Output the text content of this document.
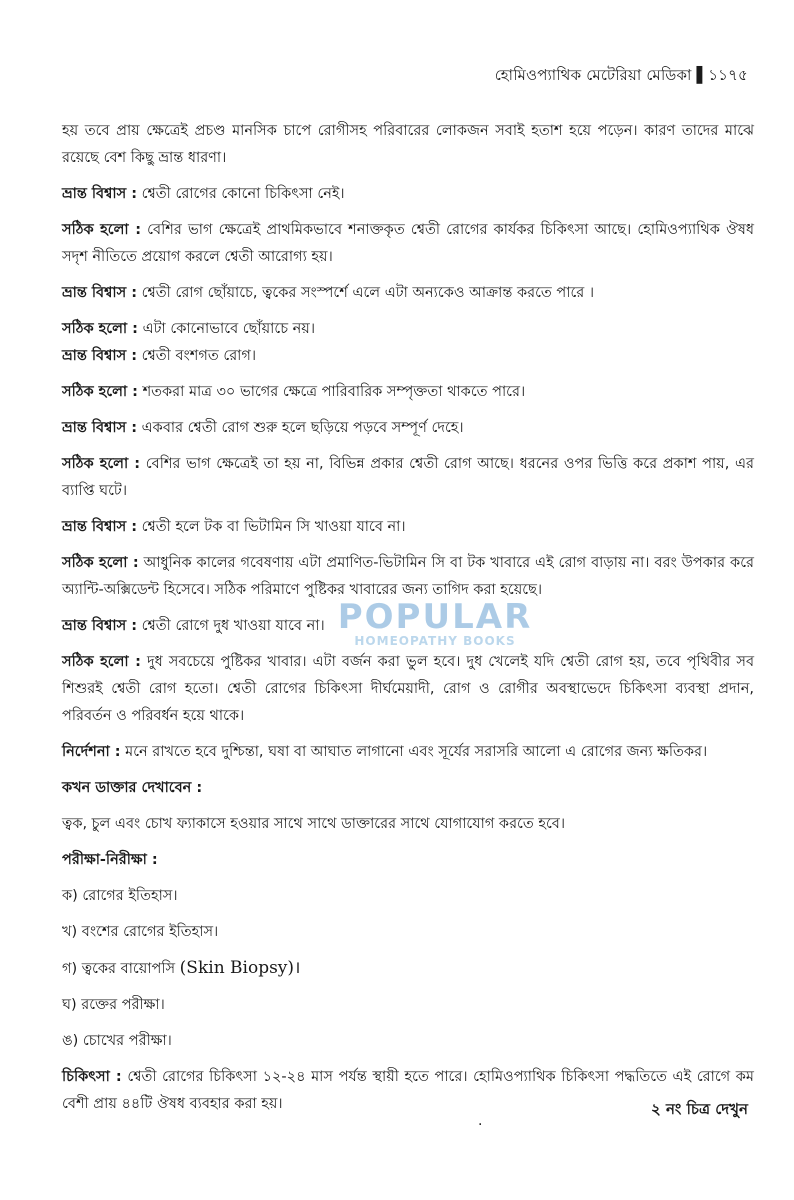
হোমিওপ্যাথিক মেটেরিয়া মেডিকা ▌১১৭৫

হয় তবে প্রায় ক্ষেত্রেই প্রচণ্ড মানসিক চাপে রোগীসহ পরিবারের লোকজন সবাই হতাশ হয়ে পড়েন। কারণ তাদের মাঝে রয়েছে বেশ কিছু ভ্রান্ত ধারণা।

ভ্রান্ত বিশ্বাস : শ্বেতী রোগের কোনো চিকিৎসা নেই।

সঠিক হলো : বেশির ভাগ ক্ষেত্রেই প্রাথমিকভাবে শনাক্তকৃত শ্বেতী রোগের কার্যকর চিকিৎসা আছে। হোমিওপ্যাথিক ঔষধ সদৃশ নীতিতে প্রয়োগ করলে শ্বেতী আরোগ্য হয়।

ভ্রান্ত বিশ্বাস : শ্বেতী রোগ ছোঁয়াচে, ত্বকের সংস্পর্শে এলে এটা অন্যকেও আক্রান্ত করতে পারে ।

সঠিক হলো : এটা কোনোভাবে ছোঁয়াচে নয়।

ভ্রান্ত বিশ্বাস : শ্বেতী বংশগত রোগ।

সঠিক হলো : শতকরা মাত্র ৩০ ভাগের ক্ষেত্রে পারিবারিক সম্পৃক্ততা থাকতে পারে।

ভ্রান্ত বিশ্বাস : একবার শ্বেতী রোগ শুরু হলে ছড়িয়ে পড়বে সম্পূর্ণ দেহে।

সঠিক হলো : বেশির ভাগ ক্ষেত্রেই তা হয় না, বিভিন্ন প্রকার শ্বেতী রোগ আছে। ধরনের ওপর ভিত্তি করে প্রকাশ পায়, এর ব্যাপ্তি ঘটে।

ভ্রান্ত বিশ্বাস : শ্বেতী হলে টক বা ভিটামিন সি খাওয়া যাবে না।

সঠিক হলো : আধুনিক কালের গবেষণায় এটা প্রমাণিত-ভিটামিন সি বা টক খাবারে এই রোগ বাড়ায় না। বরং উপকার করে অ্যান্টি-অক্সিডেন্ট হিসেবে। সঠিক পরিমাণে পুষ্টিকর খাবারের জন্য তাগিদ করা হয়েছে।

ভ্রান্ত বিশ্বাস : শ্বেতী রোগে দুধ খাওয়া যাবে না।

সঠিক হলো : দুধ সবচেয়ে পুষ্টিকর খাবার। এটা বর্জন করা ভুল হবে। দুধ খেলেই যদি শ্বেতী রোগ হয়, তবে পৃথিবীর সব শিশুরই শ্বেতী রোগ হতো। শ্বেতী রোগের চিকিৎসা দীর্ঘমেয়াদী, রোগ ও রোগীর অবস্থাভেদে চিকিৎসা ব্যবস্থা প্রদান, পরিবর্তন ও পরিবর্ধন হয়ে থাকে।

নির্দেশনা : মনে রাখতে হবে দুশ্চিন্তা, ঘষা বা আঘাত লাগানো এবং সূর্যের সরাসরি আলো এ রোগের জন্য ক্ষতিকর।

কখন ডাক্তার দেখাবেন :

ত্বক, চুল এবং চোখ ফ্যাকাসে হওয়ার সাথে সাথে ডাক্তারের সাথে যোগাযোগ করতে হবে।

পরীক্ষা-নিরীক্ষা :

ক) রোগের ইতিহাস।

খ) বংশের রোগের ইতিহাস।

গ) ত্বকের বায়োপসি (Skin Biopsy)।

ঘ) রক্তের পরীক্ষা।

ঙ) চোখের পরীক্ষা।

চিকিৎসা : শ্বেতী রোগের চিকিৎসা ১২-২৪ মাস পর্যন্ত স্থায়ী হতে পারে। হোমিওপ্যাথিক চিকিৎসা পদ্ধতিতে এই রোগে কম বেশী প্রায় ৪৪টি ঔষধ ব্যবহার করা হয়।

POPULAR
HOMEOPATHY BOOKS
.
২ নং চিত্র দেখুন
